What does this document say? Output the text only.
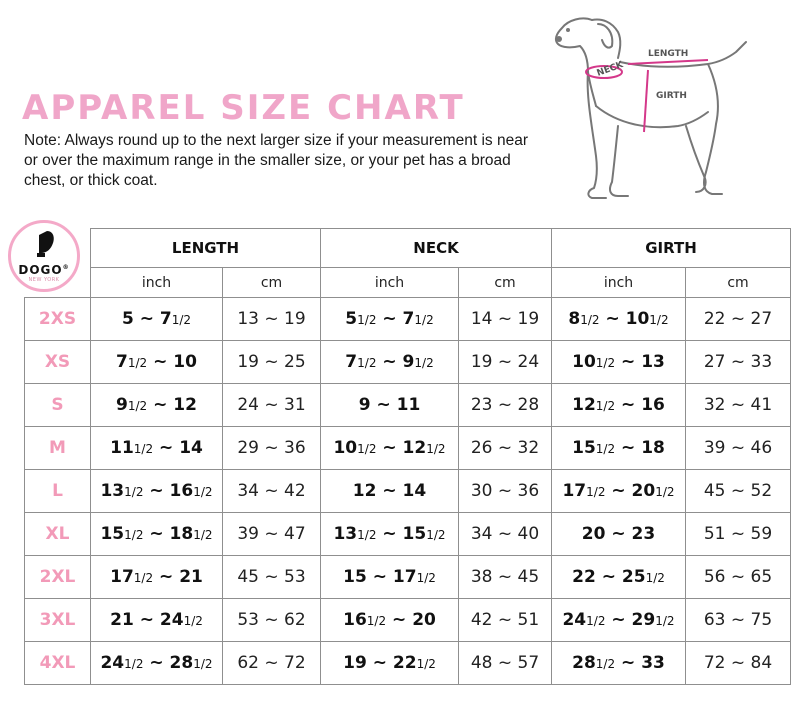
APPAREL SIZE CHART
Note: Always round up to the next larger size if your measurement is near or over the maximum range in the smaller size, or your pet has a broad chest, or thick coat.
NECK
LENGTH
GIRTH
DOGO®
NEW YORK
	LENGTH		NECK		GIRTH	
	inch	cm	inch	cm	inch	cm
2XS	5 ~ 71/2	13 ~ 19	51/2 ~ 71/2	14 ~ 19	81/2 ~ 101/2	22 ~ 27
XS	71/2 ~ 10	19 ~ 25	71/2 ~ 91/2	19 ~ 24	101/2 ~ 13	27 ~ 33
S	91/2 ~ 12	24 ~ 31	9 ~ 11	23 ~ 28	121/2 ~ 16	32 ~ 41
M	111/2 ~ 14	29 ~ 36	101/2 ~ 121/2	26 ~ 32	151/2 ~ 18	39 ~ 46
L	131/2 ~ 161/2	34 ~ 42	12 ~ 14	30 ~ 36	171/2 ~ 201/2	45 ~ 52
XL	151/2 ~ 181/2	39 ~ 47	131/2 ~ 151/2	34 ~ 40	20 ~ 23	51 ~ 59
2XL	171/2 ~ 21	45 ~ 53	15 ~ 171/2	38 ~ 45	22 ~ 251/2	56 ~ 65
3XL	21 ~ 241/2	53 ~ 62	161/2 ~ 20	42 ~ 51	241/2 ~ 291/2	63 ~ 75
4XL	241/2 ~ 281/2	62 ~ 72	19 ~ 221/2	48 ~ 57	281/2 ~ 33	72 ~ 84
